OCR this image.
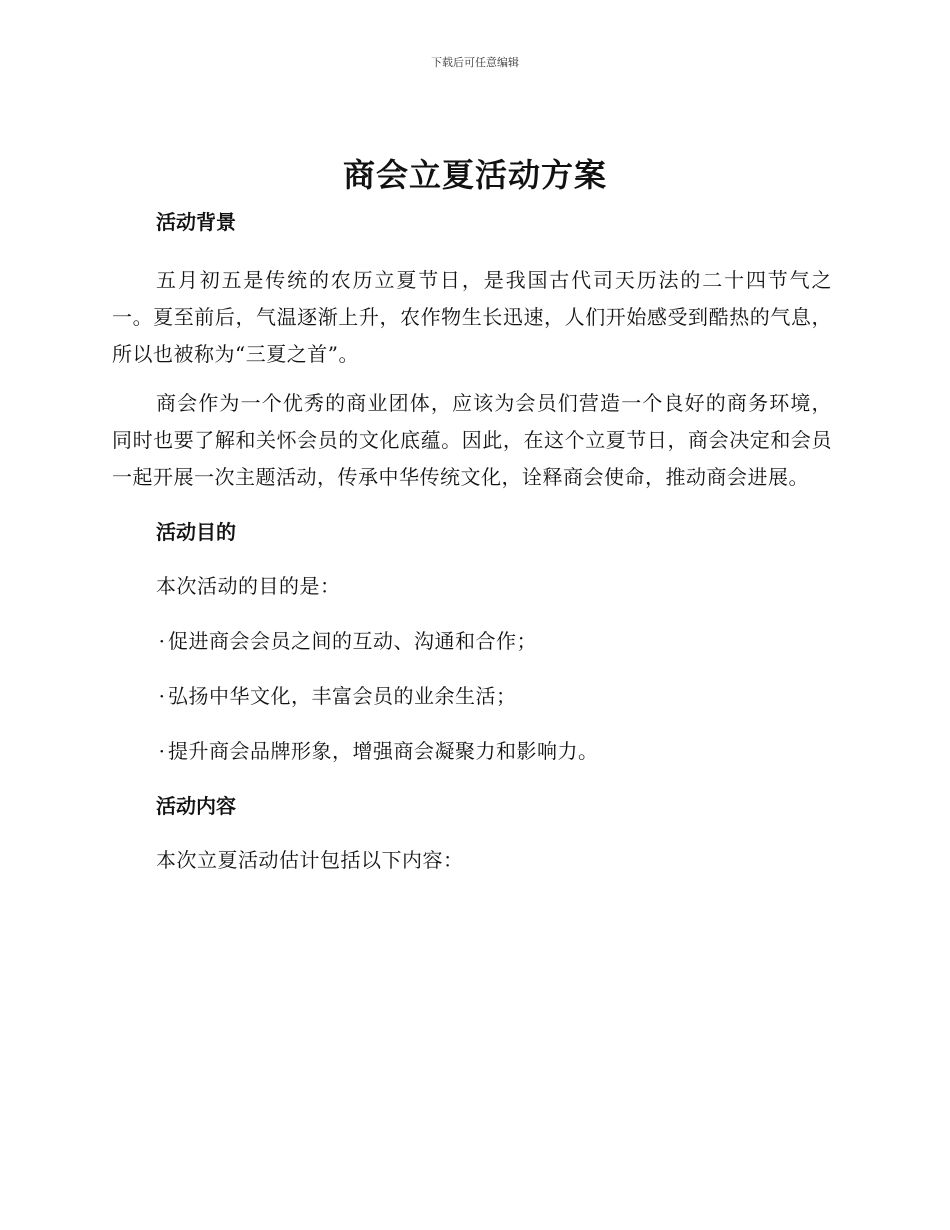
下载后可任意编辑
商会立夏活动方案
活动背景

五月初五是传统的农历立夏节日，是我国古代司天历法的二十四节气之一。夏至前后，气温逐渐上升，农作物生长迅速，人们开始感受到酷热的气息，所以也被称为“三夏之首”。

商会作为一个优秀的商业团体，应该为会员们营造一个良好的商务环境，同时也要了解和关怀会员的文化底蕴。因此，在这个立夏节日，商会决定和会员一起开展一次主题活动，传承中华传统文化，诠释商会使命，推动商会进展。

活动目的

本次活动的目的是：

· 促进商会会员之间的互动、沟通和合作；

· 弘扬中华文化，丰富会员的业余生活；

· 提升商会品牌形象，增强商会凝聚力和影响力。

活动内容

本次立夏活动估计包括以下内容：
